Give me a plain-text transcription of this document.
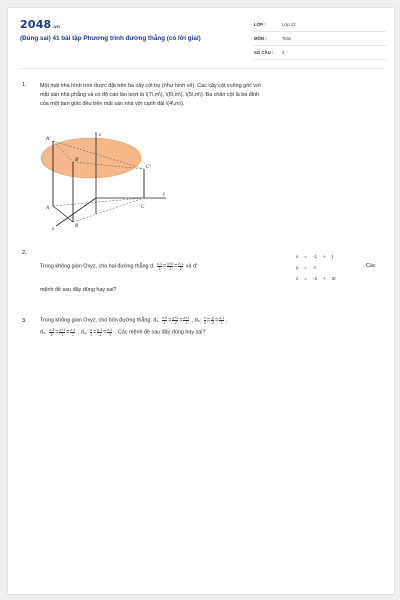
2048.vn
(Đúng sai) 41 bài tập Phương trình đường thẳng (có lời giải)
LỚP :	Lớp 12
MÔN :	Toán
SỐ CÂU :	3
1. Một mái nhà hình tròn được đặt trên ba cây cột trụ (như hình vẽ). Các cây cột vuông góc với
mặt sàn nhà phẳng và có độ cao lần lượt là \(7\,m\), \(6\,m\), \(5\,m\). Ba chân cột là ba đỉnh
của một tam giác đều trên mặt sàn nhà với cạnh dài \(4\,m\).
z
y
x
A'
B'
C'
A
B
C
2.
Trong không gian Oxyz, cho hai đường thẳng d: $\frac{x-1}{1} = \frac{y+2}{-1} = \frac{z-1}{2}$ và d':
x = -1 + t
y = -t
z = -2 + 3t
. Các
mệnh đề sau đây đúng hay sai?
3. Trong không gian Oxyz, cho bốn đường thẳng: d₁: $\frac{x-3}{1} = \frac{y+1}{-2} = \frac{z+1}{1}$ , d₂: $\frac{x}{1} = \frac{y}{-2} = \frac{z-1}{1}$ ,
d₃: $\frac{x-3}{2} = \frac{y+1}{1} = \frac{z-1}{1}$ , d₄: $\frac{x}{1} = \frac{y-1}{-1} = \frac{z-1}{1}$ . Các mệnh đề sau đây đúng hay sai?
